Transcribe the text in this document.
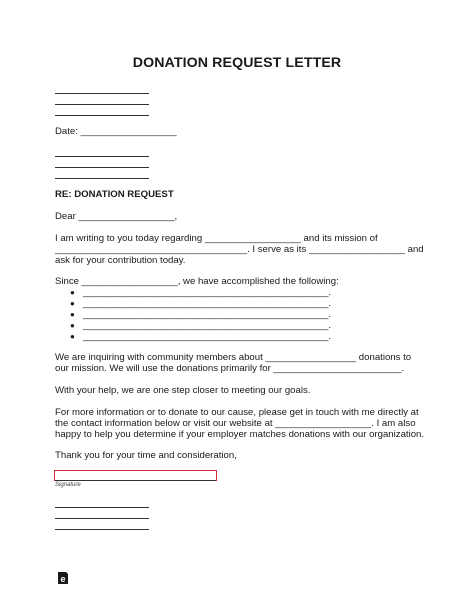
DONATION REQUEST LETTER
Date: __________________
RE: DONATION REQUEST
Dear __________________,
I am writing to you today regarding __________________ and its mission of
____________________________________. I serve as its __________________ and
ask for your contribution today.
Since __________________, we have accomplished the following:
● ______________________________________________.
● ______________________________________________.
● ______________________________________________.
● ______________________________________________.
● ______________________________________________.
We are inquiring with community members about _________________ donations to
our mission. We will use the donations primarily for ________________________.
With your help, we are one step closer to meeting our goals.
For more information or to donate to our cause, please get in touch with me directly at
the contact information below or visit our website at __________________. I am also
happy to help you determine if your employer matches donations with our organization.
Thank you for your time and consideration,
Signature
e
